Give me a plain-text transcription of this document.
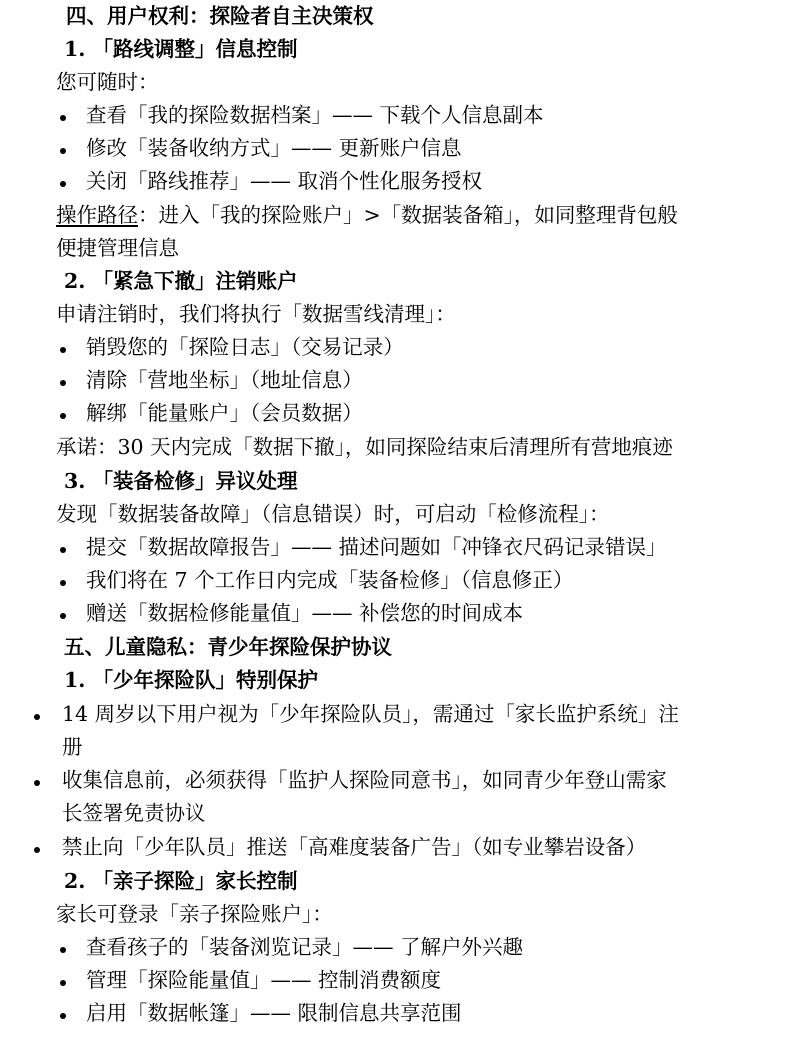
四、用户权利：探险者自主决策权
1. 「路线调整」信息控制
您可随时：
查看「我的探险数据档案」—— 下载个人信息副本
修改「装备收纳方式」—— 更新账户信息
关闭「路线推荐」—— 取消个性化服务授权
操作路径：进入「我的探险账户」>「数据装备箱」，如同整理背包般
便捷管理信息
2. 「紧急下撤」注销账户
申请注销时，我们将执行「数据雪线清理」：
销毁您的「探险日志」（交易记录）
清除「营地坐标」（地址信息）
解绑「能量账户」（会员数据）
承诺：30 天内完成「数据下撤」，如同探险结束后清理所有营地痕迹
3. 「装备检修」异议处理
发现「数据装备故障」（信息错误）时，可启动「检修流程」：
提交「数据故障报告」—— 描述问题如「冲锋衣尺码记录错误」
我们将在 7 个工作日内完成「装备检修」（信息修正）
赠送「数据检修能量值」—— 补偿您的时间成本
五、儿童隐私：青少年探险保护协议
1. 「少年探险队」特别保护
14 周岁以下用户视为「少年探险队员」，需通过「家长监护系统」注
册
收集信息前，必须获得「监护人探险同意书」，如同青少年登山需家
长签署免责协议
禁止向「少年队员」推送「高难度装备广告」（如专业攀岩设备）
2. 「亲子探险」家长控制
家长可登录「亲子探险账户」：
查看孩子的「装备浏览记录」—— 了解户外兴趣
管理「探险能量值」—— 控制消费额度
启用「数据帐篷」—— 限制信息共享范围
